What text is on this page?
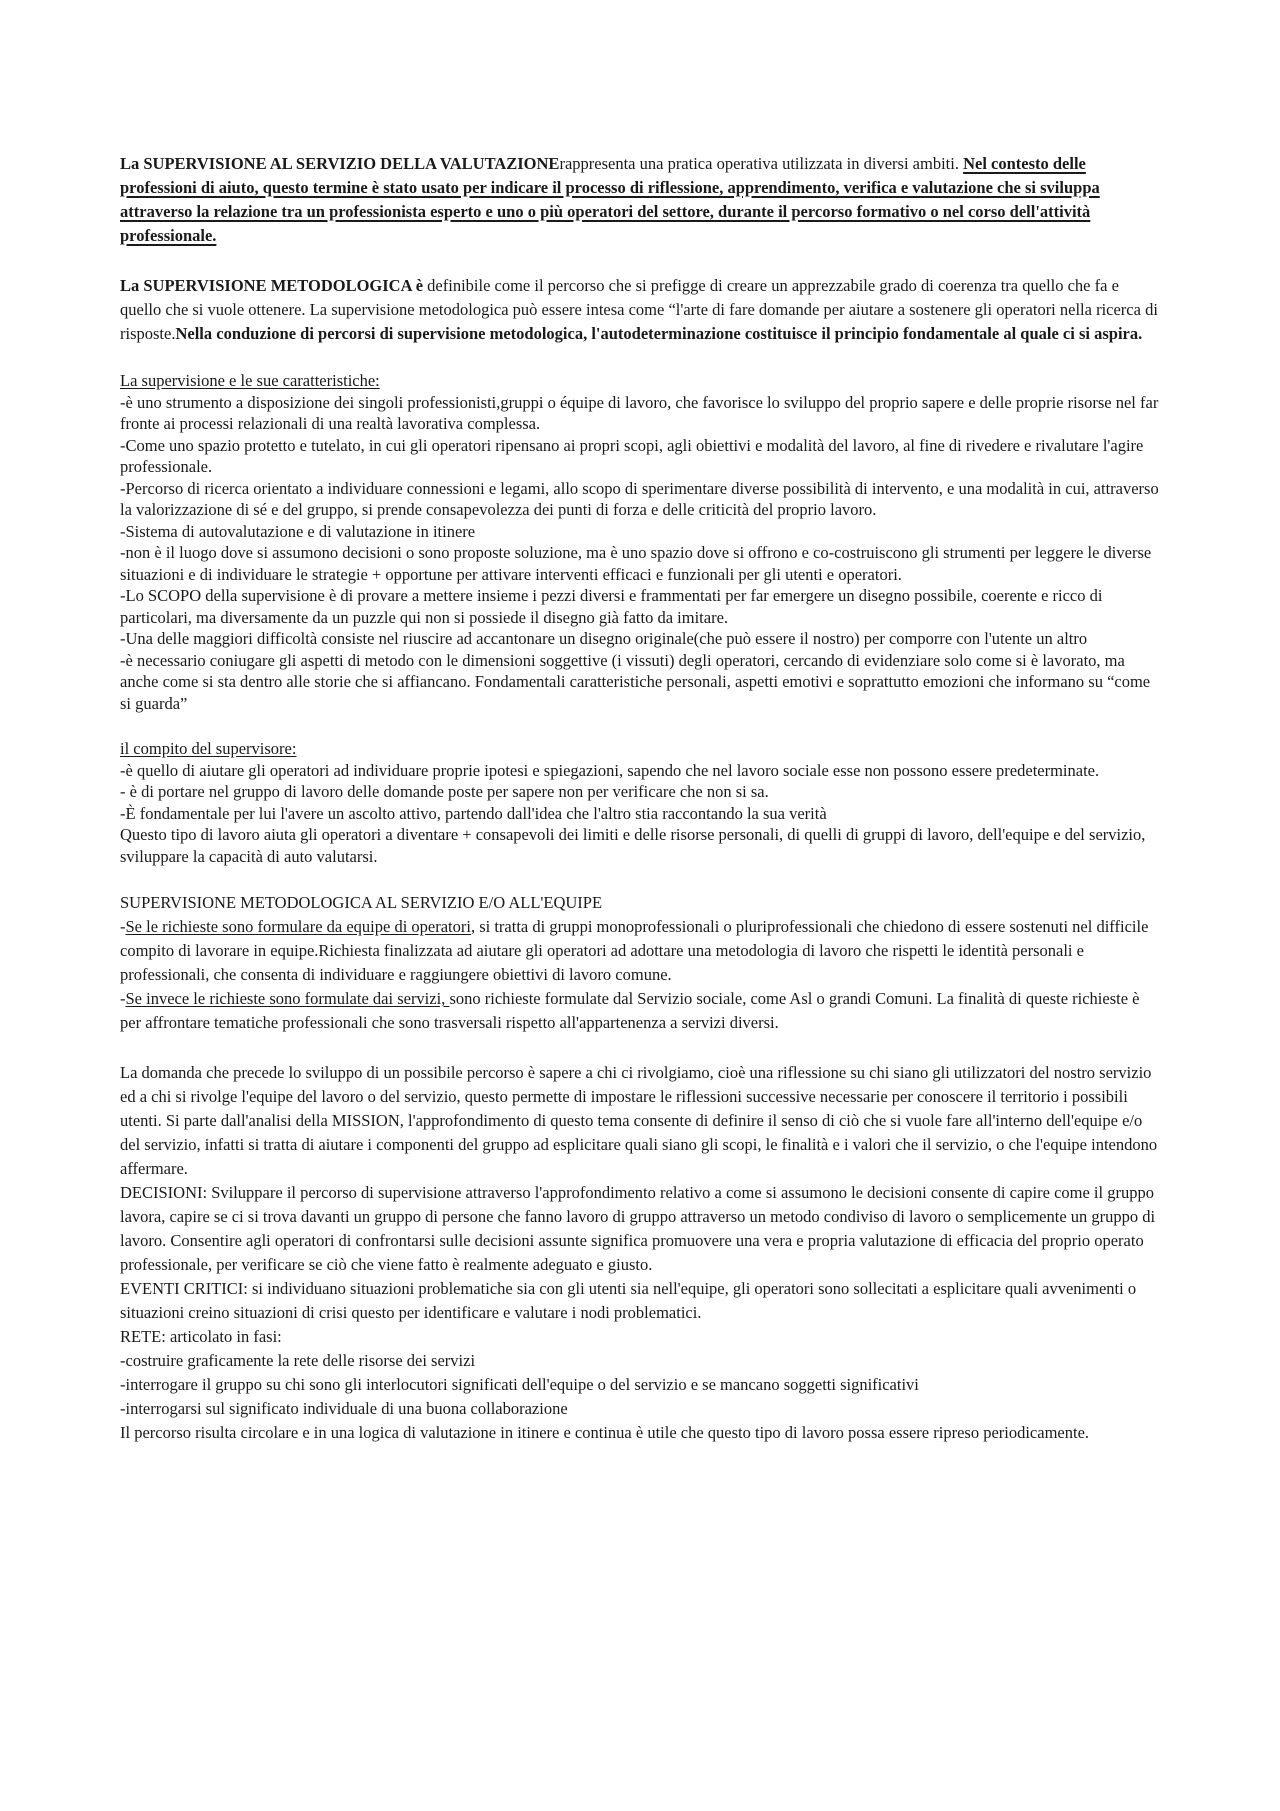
La SUPERVISIONE AL SERVIZIO DELLA VALUTAZIONErappresenta una pratica operativa utilizzata in diversi ambiti. Nel contesto delle professioni di aiuto, questo termine è stato usato per indicare il processo di riflessione, apprendimento, verifica e valutazione che si sviluppa attraverso la relazione tra un professionista esperto e uno o più operatori del settore, durante il percorso formativo o nel corso dell'attività professionale.

La SUPERVISIONE METODOLOGICA è definibile come il percorso che si prefigge di creare un apprezzabile grado di coerenza tra quello che fa e quello che si vuole ottenere. La supervisione metodologica può essere intesa come “l'arte di fare domande per aiutare a sostenere gli operatori nella ricerca di risposte.Nella conduzione di percorsi di supervisione metodologica, l'autodeterminazione costituisce il principio fondamentale al quale ci si aspira.

La supervisione e le sue caratteristiche:

-è uno strumento a disposizione dei singoli professionisti,gruppi o équipe di lavoro, che favorisce lo sviluppo del proprio sapere e delle proprie risorse nel far fronte ai processi relazionali di una realtà lavorativa complessa.

-Come uno spazio protetto e tutelato, in cui gli operatori ripensano ai propri scopi, agli obiettivi e modalità del lavoro, al fine di rivedere e rivalutare l'agire professionale.

-Percorso di ricerca orientato a individuare connessioni e legami, allo scopo di sperimentare diverse possibilità di intervento, e una modalità in cui, attraverso la valorizzazione di sé e del gruppo, si prende consapevolezza dei punti di forza e delle criticità del proprio lavoro.

-Sistema di autovalutazione e di valutazione in itinere

-non è il luogo dove si assumono decisioni o sono proposte soluzione, ma è uno spazio dove si offrono e co-costruiscono gli strumenti per leggere le diverse situazioni e di individuare le strategie + opportune per attivare interventi efficaci e funzionali per gli utenti e operatori.

-Lo SCOPO della supervisione è di provare a mettere insieme i pezzi diversi e frammentati per far emergere un disegno possibile, coerente e ricco di particolari, ma diversamente da un puzzle qui non si possiede il disegno già fatto da imitare.

-Una delle maggiori difficoltà consiste nel riuscire ad accantonare un disegno originale(che può essere il nostro) per comporre con l'utente un altro

-è necessario coniugare gli aspetti di metodo con le dimensioni soggettive (i vissuti) degli operatori, cercando di evidenziare solo come si è lavorato, ma anche come si sta dentro alle storie che si affiancano. Fondamentali caratteristiche personali, aspetti emotivi e soprattutto emozioni che informano su “come si guarda”

il compito del supervisore:

-è quello di aiutare gli operatori ad individuare proprie ipotesi e spiegazioni, sapendo che nel lavoro sociale esse non possono essere predeterminate.

- è di portare nel gruppo di lavoro delle domande poste per sapere non per verificare che non si sa.

-È fondamentale per lui l'avere un ascolto attivo, partendo dall'idea che l'altro stia raccontando la sua verità

Questo tipo di lavoro aiuta gli operatori a diventare + consapevoli dei limiti e delle risorse personali, di quelli di gruppi di lavoro, dell'equipe e del servizio, sviluppare la capacità di auto valutarsi.

SUPERVISIONE METODOLOGICA AL SERVIZIO E/O ALL'EQUIPE

-Se le richieste sono formulare da equipe di operatori, si tratta di gruppi monoprofessionali o pluriprofessionali che chiedono di essere sostenuti nel difficile compito di lavorare in equipe.Richiesta finalizzata ad aiutare gli operatori ad adottare una metodologia di lavoro che rispetti le identità personali e professionali, che consenta di individuare e raggiungere obiettivi di lavoro comune.

-Se invece le richieste sono formulate dai servizi, sono richieste formulate dal Servizio sociale, come Asl o grandi Comuni. La finalità di queste richieste è per affrontare tematiche professionali che sono trasversali rispetto all'appartenenza a servizi diversi.

La domanda che precede lo sviluppo di un possibile percorso è sapere a chi ci rivolgiamo, cioè una riflessione su chi siano gli utilizzatori del nostro servizio ed a chi si rivolge l'equipe del lavoro o del servizio, questo permette di impostare le riflessioni successive necessarie per conoscere il territorio i possibili utenti. Si parte dall'analisi della MISSION, l'approfondimento di questo tema consente di definire il senso di ciò che si vuole fare all'interno dell'equipe e/o del servizio, infatti si tratta di aiutare i componenti del gruppo ad esplicitare quali siano gli scopi, le finalità e i valori che il servizio, o che l'equipe intendono affermare.

DECISIONI: Sviluppare il percorso di supervisione attraverso l'approfondimento relativo a come si assumono le decisioni consente di capire come il gruppo lavora, capire se ci si trova davanti un gruppo di persone che fanno lavoro di gruppo attraverso un metodo condiviso di lavoro o semplicemente un gruppo di lavoro. Consentire agli operatori di confrontarsi sulle decisioni assunte significa promuovere una vera e propria valutazione di efficacia del proprio operato professionale, per verificare se ciò che viene fatto è realmente adeguato e giusto.

EVENTI CRITICI: si individuano situazioni problematiche sia con gli utenti sia nell'equipe, gli operatori sono sollecitati a esplicitare quali avvenimenti o situazioni creino situazioni di crisi questo per identificare e valutare i nodi problematici.

RETE: articolato in fasi:

-costruire graficamente la rete delle risorse dei servizi

-interrogare il gruppo su chi sono gli interlocutori significati dell'equipe o del servizio e se mancano soggetti significativi

-interrogarsi sul significato individuale di una buona collaborazione

Il percorso risulta circolare e in una logica di valutazione in itinere e continua è utile che questo tipo di lavoro possa essere ripreso periodicamente.
